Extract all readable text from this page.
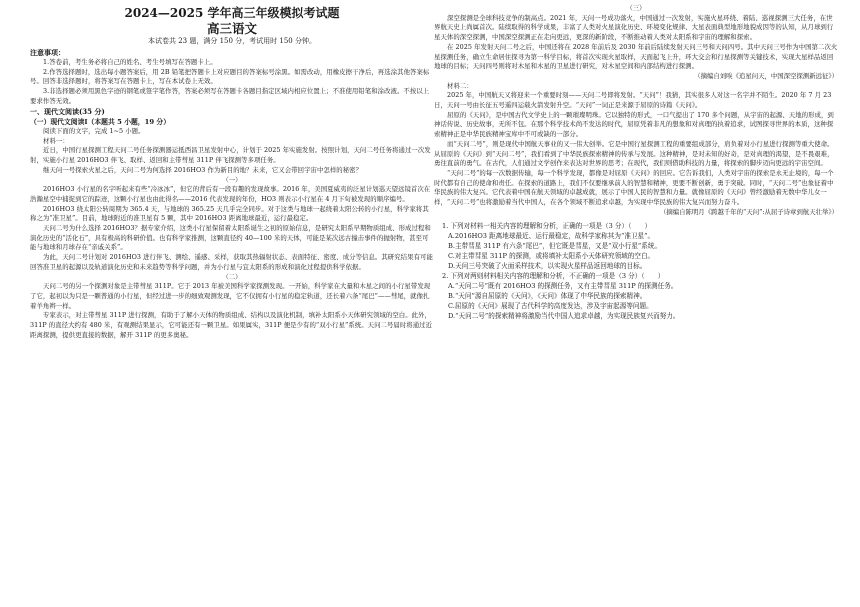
2024—2025 学年高三年级模拟考试题
高三语文
本试卷共 23 题，满分 150 分，考试用时 150 分钟。
注意事项：

1.答卷前，考生务必将自己的姓名、考生号填写在答题卡上。

2.作答选择题时，选出每小题答案后，用 2B 铅笔把答题卡上对应题目的答案标号涂黑。如需改动，用橡皮擦干净后，再选涂其他答案标号。回答非选择题时，将答案写在答题卡上，写在本试卷上无效。

3.非选择题必须用黑色字迹的钢笔或签字笔作答，答案必须写在答题卡各题目指定区域内相应位置上；不准使用铅笔和涂改液。不按以上要求作答无效。

一、现代文阅读(35 分)
（一）现代文阅读Ⅰ（本题共 5 小题，19 分）

阅读下面的文字，完成 1~5 小题。

材料一：

近日，中国行星探测工程天问二号任务探测器运抵西昌卫星发射中心，计划于 2025 年实施发射。按照计划，天问二号任务将通过一次发射，实施小行星 2016HO3 伴飞、取样、返回和主带彗星 311P 伴飞探测等多项任务。

继天问一号探索火星之后，天问二号为何选择 2016HO3 作为新目的地？未来，它又会带回宇宙中怎样的秘密？

（一）

2016HO3 小行星的名字听起来有些“冷冰冰”，但它的背后有一段有趣的发现故事。2016 年，美国夏威夷的泛星计划巡天望远镜首次在浩瀚星空中捕捉到它的踪迹，这颗小行星也由此得名——2016 代表发现的年份，HO3 则表示小行星在 4 月下旬被发现的顺序编号。

2016HO3 绕太阳公转周期为 365.4 天，与地球的 365.25 天几乎完全同步。对于这类与地球一起绕着太阳公转的小行星，科学家将其称之为“准卫星”。目前，地球附近的准卫星有 5 颗，其中 2016HO3 距离地球最近，运行最稳定。

天问二号为什么选择 2016HO3？据专家介绍，这类小行星保留着太阳系诞生之初的原始信息，是研究太阳系早期物质组成、形成过程和演化历史的“活化石”，具有极高的科研价值。也有科学家推测，这颗直径约 40—100 米的天体，可能是某次远古撞击事件的抛射物，甚至可能与地球和月球存在“亲戚关系”。

为此，天问二号计划对 2016HO3 进行伴飞、测绘、遥感、采样，获取其热辐射状态、表面特征、密度、成分等信息。其研究结果有可能回答准卫星的起源以及轨道演化历史和未来趋势等科学问题，并为小行星与宜太阳系的形成和演化过程提供科学依据。

（二）

天问二号的另一个探测对象是主带彗星 311P。它于 2013 年被美国科学家探测发现。一开始，科学家在大量和木星之间的小行星带发现了它，起初以为只是一颗普通的小行星，但经过进一步的细致观测发现，它不仅拥有小行星的稳定轨道，还长着六条“尾巴”——彗尾，就像扎着羊角辫一样。

专家表示，对主带彗星 311P 进行探测，有助于了解小天体的物质组成、结构以及演化机制，填补太阳系小天体研究领域的空白。此外，311P 的直径大约有 480 米，有观测结果显示，它可能还有一颗卫星。如果属实，311P 便是少有的“双小行星”系统。天问二号届时将通过近距离探测，提供更直接的数据，解开 311P 的更多奥秘。

（三）

深空探测是全球科技竞争的制高点。2021 年，天问一号成功落火，中国通过一次发射，实施火星环绕、着陆、巡视探测三大任务，在世界航天史上尚属首次。陆续取得的科学成果，丰富了人类对火星演化历史、环境变化规律、大星表面典型地形地貌成因等的认知，从月球到行星天体的深空探测，中国深空探测正在走向更远，更深的新阶段，不断推动着人类对太阳系和宇宙的理解和探索。

在 2025 年发射天问二号之后，中国还将在 2028 年前后及 2030 年前后陆续发射天问三号和天问四号。其中天问三号作为中国第二次火星探测任务，确立生命居住探寻为第一科学目标，将首次实现火星取样，天面起飞上升，环大交会和行星探测等关键技术，实现大星样品返回地球的目标；天问四号则将对木星和木星的卫星进行研究，对木星空间和内部结构进行探测。

（摘编自刘唉《追星问天，中国深空探测新远征》）

材料二：

2025 年，中国航天又将迎来一个重要时刻——天问二号即将发射。“天问”！我猜，其实很多人对这一名字并不陌生。2020 年 7 月 23 日，天问一号由长征五号遥四运载火箭发射升空。“天问”一词正是来源于屈原的诗篇《天问》。

屈原的《天问》，是中国古代文学史上的一颗璀璨明珠。它以独特的形式，一口气提出了 170 多个问题，从宇宙的起源、天地的形成，到神话传说、历史故事，无所不包。在那个科学技术尚不发达的时代，屈原凭着非凡的想象和对真理的执着追求，试图探寻世界的本质，这种探索精神正是中华民族精神宝库中不可或缺的一部分。

而“天问二号”，则是现代中国航天事业的又一伟大创举。它是中国行星探测工程的重要组成部分，肩负着对小行星进行探测等重大使命。从屈原的《天问》到“天问二号”，我们看到了中华民族探索精神的传承与发展。这种精神，是对未知的好奇，是对真理的渴望，是不畏艰难，勇往直前的勇气。在古代，人们通过文学创作来表达对世界的思考；在现代，我们则借助科技的力量，将探索的脚步迈向更远的宇宙空间。

“天问二号”的每一次数据传输，每一个科学发现，都像是对屈原《天问》的回应。它告诉我们，人类对宇宙的探索是永无止境的，每一个时代都有自己的使命和责任。在探索的道路上，我们不仅要继承前人的智慧和精神，更要不断创新，勇于突破。同时，“天问二号”也象征着中华民族的伟大复兴。它代表着中国在航天领域的卓越成就，展示了中国人民的智慧和力量。就像屈原的《天问》曾经激励着无数中华儿女一样，“天问二号”也将激励着当代中国人，在各个领域不断追求卓越，为实现中华民族的伟大复兴而努力奋斗。

（摘编自陈明月《跨越千年的“天问”:从屈子诗章到航天壮举》）

1. 下列对材料一相关内容的理解和分析，正确的一项是（3 分）（　　）

A.2016HO3 距离地球最近、运行最稳定，故科学家称其为“准卫星”。

B.主带彗星 311P 有六条“尾巴”，但它既是彗星，又是“双小行星”系统。

C.对主带彗星 311P 的探测，或将填补太阳系小天体研究领域的空白。

D.天问三号突破了火面采样技术，以实现火星样品返回地球的目标。

2. 下列对两则材料相关内容的理解和分析，不正确的一项是（3 分）（　　）

A.“天问二号”既有 2016HO3 的探测任务，又有主带彗星 311P 的探测任务。

B.“天问”源自屈原的《天问》，《天问》体现了中华民族的探索精神。

C.屈原的《天问》展现了古代科学的高度发达，涉及宇宙起源等问题。

D.“天问二号”的探索精神将激励当代中国人追求卓越，为实现民族复兴而努力。
